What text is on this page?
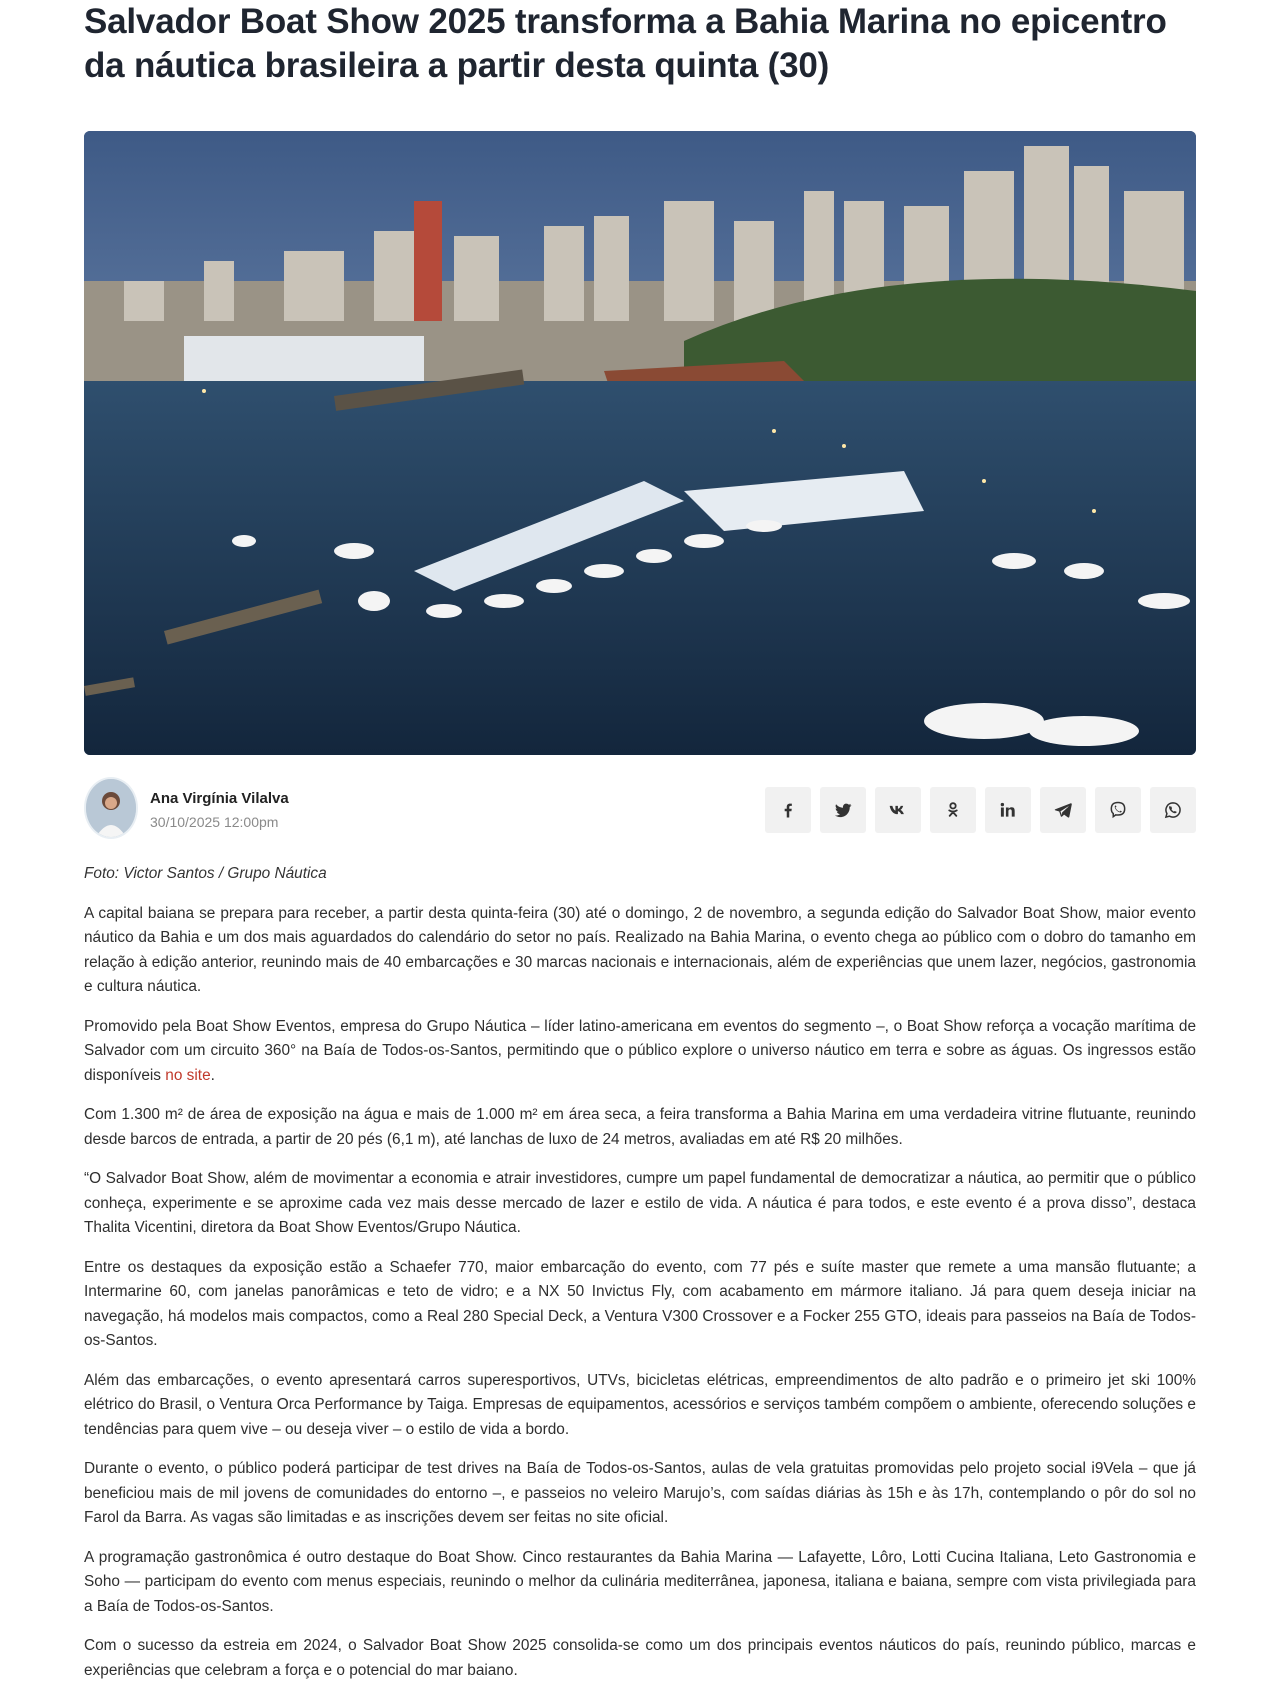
Salvador Boat Show 2025 transforma a Bahia Marina no epicentro da náutica brasileira a partir desta quinta (30)
Ana Virgínia Vilalva
30/10/2025 12:00pm

Foto: Victor Santos / Grupo Náutica

A capital baiana se prepara para receber, a partir desta quinta-feira (30) até o domingo, 2 de novembro, a segunda edição do Salvador Boat Show, maior evento náutico da Bahia e um dos mais aguardados do calendário do setor no país. Realizado na Bahia Marina, o evento chega ao público com o dobro do tamanho em relação à edição anterior, reunindo mais de 40 embarcações e 30 marcas nacionais e internacionais, além de experiências que unem lazer, negócios, gastronomia e cultura náutica.

Promovido pela Boat Show Eventos, empresa do Grupo Náutica – líder latino-americana em eventos do segmento –, o Boat Show reforça a vocação marítima de Salvador com um circuito 360° na Baía de Todos-os-Santos, permitindo que o público explore o universo náutico em terra e sobre as águas. Os ingressos estão disponíveis no site.

Com 1.300 m² de área de exposição na água e mais de 1.000 m² em área seca, a feira transforma a Bahia Marina em uma verdadeira vitrine flutuante, reunindo desde barcos de entrada, a partir de 20 pés (6,1 m), até lanchas de luxo de 24 metros, avaliadas em até R$ 20 milhões.

“O Salvador Boat Show, além de movimentar a economia e atrair investidores, cumpre um papel fundamental de democratizar a náutica, ao permitir que o público conheça, experimente e se aproxime cada vez mais desse mercado de lazer e estilo de vida. A náutica é para todos, e este evento é a prova disso”, destaca Thalita Vicentini, diretora da Boat Show Eventos/Grupo Náutica.

Entre os destaques da exposição estão a Schaefer 770, maior embarcação do evento, com 77 pés e suíte master que remete a uma mansão flutuante; a Intermarine 60, com janelas panorâmicas e teto de vidro; e a NX 50 Invictus Fly, com acabamento em mármore italiano. Já para quem deseja iniciar na navegação, há modelos mais compactos, como a Real 280 Special Deck, a Ventura V300 Crossover e a Focker 255 GTO, ideais para passeios na Baía de Todos-os-Santos.

Além das embarcações, o evento apresentará carros superesportivos, UTVs, bicicletas elétricas, empreendimentos de alto padrão e o primeiro jet ski 100% elétrico do Brasil, o Ventura Orca Performance by Taiga. Empresas de equipamentos, acessórios e serviços também compõem o ambiente, oferecendo soluções e tendências para quem vive – ou deseja viver – o estilo de vida a bordo.

Durante o evento, o público poderá participar de test drives na Baía de Todos-os-Santos, aulas de vela gratuitas promovidas pelo projeto social i9Vela – que já beneficiou mais de mil jovens de comunidades do entorno –, e passeios no veleiro Marujo’s, com saídas diárias às 15h e às 17h, contemplando o pôr do sol no Farol da Barra. As vagas são limitadas e as inscrições devem ser feitas no site oficial.

A programação gastronômica é outro destaque do Boat Show. Cinco restaurantes da Bahia Marina — Lafayette, Lôro, Lotti Cucina Italiana, Leto Gastronomia e Soho — participam do evento com menus especiais, reunindo o melhor da culinária mediterrânea, japonesa, italiana e baiana, sempre com vista privilegiada para a Baía de Todos-os-Santos.

Com o sucesso da estreia em 2024, o Salvador Boat Show 2025 consolida-se como um dos principais eventos náuticos do país, reunindo público, marcas e experiências que celebram a força e o potencial do mar baiano.
